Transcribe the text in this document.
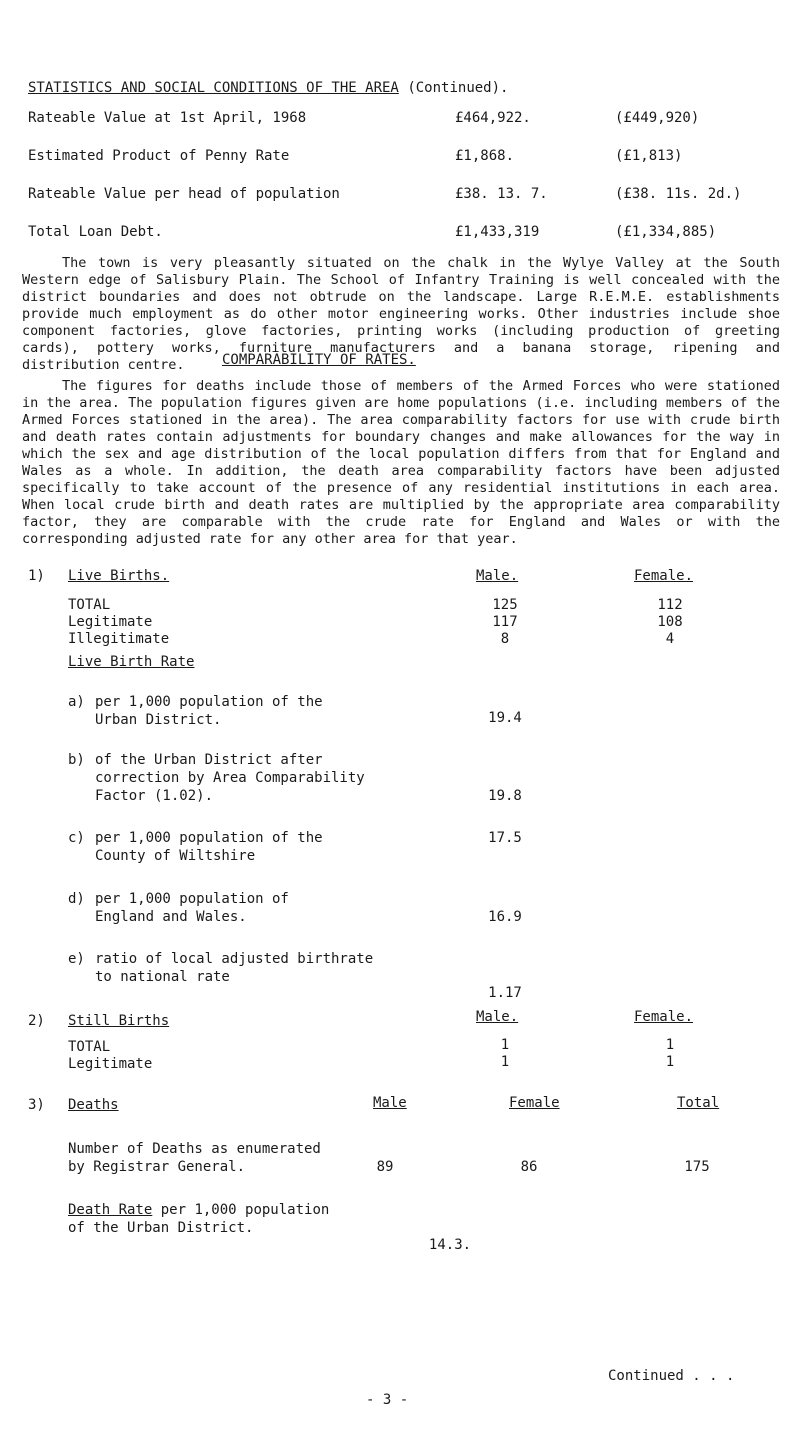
STATISTICS AND SOCIAL CONDITIONS OF THE AREA (Continued).
Rateable Value at 1st April, 1968	£464,922.	(£449,920)
Estimated Product of Penny Rate	£1,868.	(£1,813)
Rateable Value per head of population	£38. 13. 7.	(£38. 11s. 2d.)
Total Loan Debt.	£1,433,319	(£1,334,885)
The town is very pleasantly situated on the chalk in the Wylye Valley at the South Western edge of Salisbury Plain. The School of Infantry Training is well concealed with the district boundaries and does not obtrude on the landscape. Large R.E.M.E. establishments provide much employment as do other motor engineering works. Other industries include shoe component factories, glove factories, printing works (including production of greeting cards), pottery works, furniture manufacturers and a banana storage, ripening and distribution centre.	COMPARABILITY OF RATES.
The figures for deaths include those of members of the Armed Forces who were stationed in the area. The population figures given are home populations (i.e. including members of the Armed Forces stationed in the area). The area comparability factors for use with crude birth and death rates contain adjustments for boundary changes and make allowances for the way in which the sex and age distribution of the local population differs from that for England and Wales as a whole. In addition, the death area comparability factors have been adjusted specifically to take account of the presence of any residential institutions in each area. When local crude birth and death rates are multiplied by the appropriate area comparability factor, they are comparable with the crude rate for England and Wales or with the corresponding adjusted rate for any other area for that year.
1) Live Births.	Male.	Female.
TOTAL	125	112
Legitimate	117	108
Illegitimate	8	4
Live Birth Rate
a) per 1,000 population of the
Urban District.	19.4
b) of the Urban District after
correction by Area Comparability
Factor (1.02).	19.8
c) per 1,000 population of the
County of Wiltshire
17.5
d) per 1,000 population of
England and Wales.	16.9
e) ratio of local adjusted birthrate
to national rate
1.17
2) Still Births	Male.	Female.
TOTAL	1	1
Legitimate	1	1
3) Deaths	Male	Female	Total
Number of Deaths as enumerated
by Registrar General.	89	86	175
Death Rate per 1,000 population
of the Urban District.
14.3.
Continued . . .
- 3 -
